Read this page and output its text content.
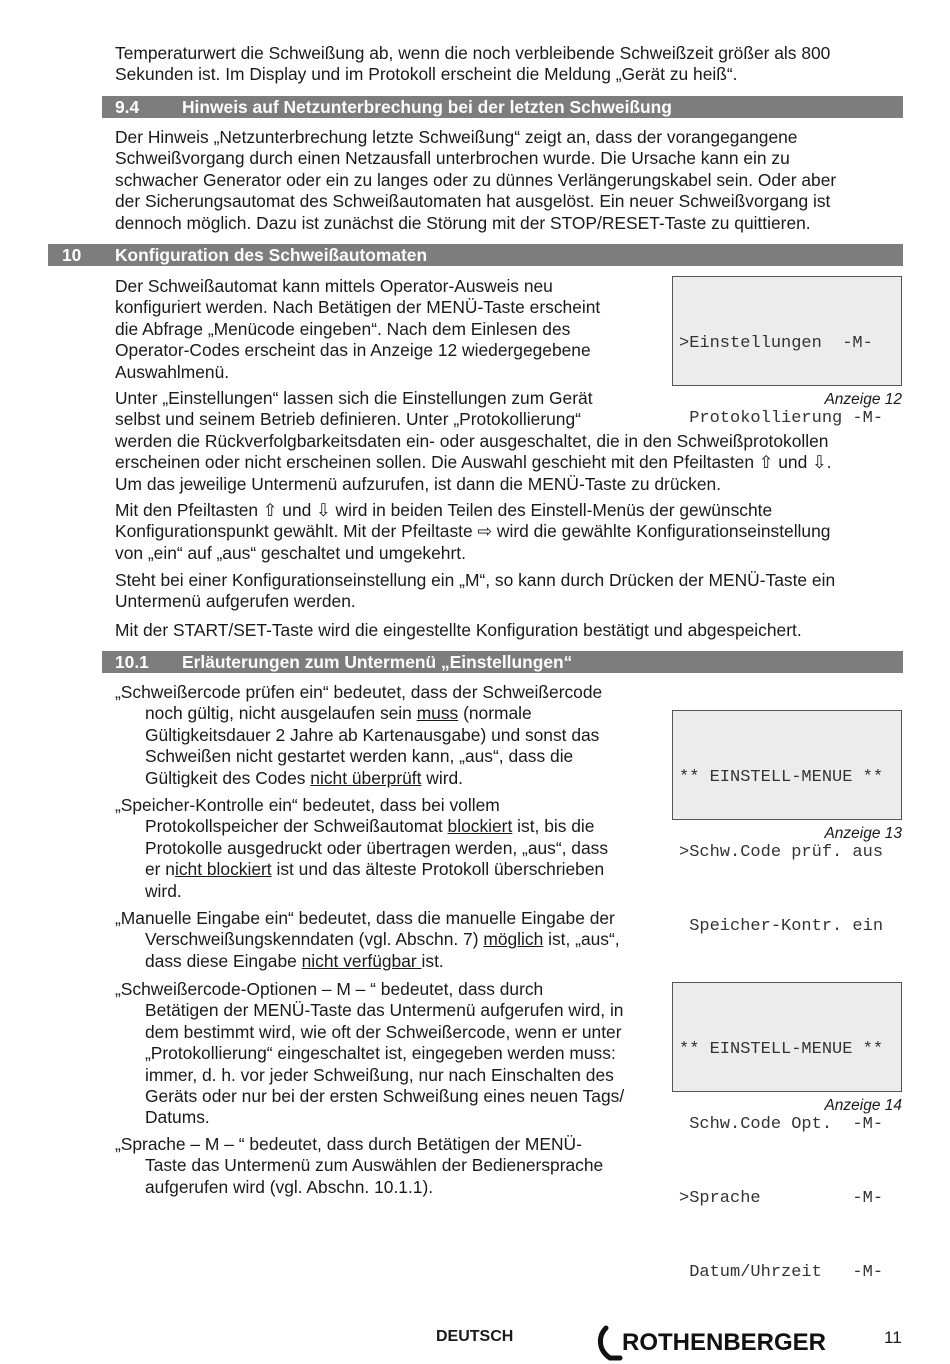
Temperaturwert die Schweißung ab, wenn die noch verbleibende Schweißzeit größer als 800
Sekunden ist. Im Display und im Protokoll erscheint die Meldung „Gerät zu heiß“.
9.4 Hinweis auf Netzunterbrechung bei der letzten Schweißung
Der Hinweis „Netzunterbrechung letzte Schweißung“ zeigt an, dass der vorangegangene
Schweißvorgang durch einen Netzausfall unterbrochen wurde. Die Ursache kann ein zu
schwacher Generator oder ein zu langes oder zu dünnes Verlängerungskabel sein. Oder aber
der Sicherungsautomat des Schweißautomaten hat ausgelöst. Ein neuer Schweißvorgang ist
dennoch möglich. Dazu ist zunächst die Störung mit der STOP/RESET-Taste zu quittieren.
10 Konfiguration des Schweißautomaten
Der Schweißautomat kann mittels Operator-Ausweis neu
konfiguriert werden. Nach Betätigen der MENÜ-Taste erscheint
die Abfrage „Menücode eingeben“. Nach dem Einlesen des
Operator-Codes erscheint das in Anzeige 12 wiedergegebene
Auswahlmenü.

>Einstellungen  -M-

Protokollierung -M-

Anzeige 12
Unter „Einstellungen“ lassen sich die Einstellungen zum Gerät
selbst und seinem Betrieb definieren. Unter „Protokollierung“
werden die Rückverfolgbarkeitsdaten ein- oder ausgeschaltet, die in den Schweißprotokollen
erscheinen oder nicht erscheinen sollen. Die Auswahl geschieht mit den Pfeiltasten ⇧ und ⇩.
Um das jeweilige Untermenü aufzurufen, ist dann die MENÜ-Taste zu drücken.
Mit den Pfeiltasten ⇧ und ⇩ wird in beiden Teilen des Einstell-Menüs der gewünschte
Konfigurationspunkt gewählt. Mit der Pfeiltaste ⇨ wird die gewählte Konfigurationseinstellung
von „ein“ auf „aus“ geschaltet und umgekehrt.
Steht bei einer Konfigurationseinstellung ein „M“, so kann durch Drücken der MENÜ-Taste ein
Untermenü aufgerufen werden.
Mit der START/SET-Taste wird die eingestellte Konfiguration bestätigt und abgespeichert.
10.1 Erläuterungen zum Untermenü „Einstellungen“
„Schweißercode prüfen ein“ bedeutet, dass der Schweißercode
noch gültig, nicht ausgelaufen sein muss (normale
Gültigkeitsdauer 2 Jahre ab Kartenausgabe) und sonst das
Schweißen nicht gestartet werden kann, „aus“, dass die
Gültigkeit des Codes nicht überprüft wird.

	** EINSTELL-MENUE **

>Schw.Code prüf. aus

Speicher-Kontr. ein

Anzeige 13
„Speicher-Kontrolle ein“ bedeutet, dass bei vollem
Protokollspeicher der Schweißautomat blockiert ist, bis die
Protokolle ausgedruckt oder übertragen werden, „aus“, dass
er nicht blockiert ist und das älteste Protokoll überschrieben
wird.
„Manuelle Eingabe ein“ bedeutet, dass die manuelle Eingabe der
Verschweißungskenndaten (vgl. Abschn. 7) möglich ist, „aus“,
dass diese Eingabe nicht verfügbar ist.
„Schweißercode-Optionen – M – “ bedeutet, dass durch
Betätigen der MENÜ-Taste das Untermenü aufgerufen wird, in
dem bestimmt wird, wie oft der Schweißercode, wenn er unter
„Protokollierung“ eingeschaltet ist, eingegeben werden muss:
immer, d. h. vor jeder Schweißung, nur nach Einschalten des
Geräts oder nur bei der ersten Schweißung eines neuen Tags/
Datums.

** EINSTELL-MENUE **

Schw.Code Opt.  -M-

>Sprache         -M-

Datum/Uhrzeit   -M-

Anzeige 14
„Sprache – M – “ bedeutet, dass durch Betätigen der MENÜ-
Taste das Untermenü zum Auswählen der Bedienersprache
aufgerufen wird (vgl. Abschn. 10.1.1).
DEUTSCH	ROTHENBERGER	11
